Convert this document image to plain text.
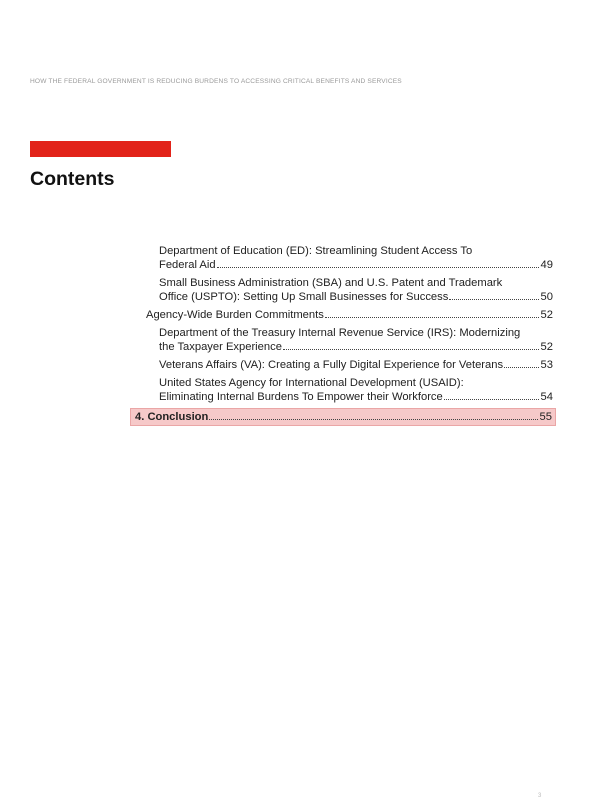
HOW THE FEDERAL GOVERNMENT IS REDUCING BURDENS TO ACCESSING CRITICAL BENEFITS AND SERVICES
Contents
Department of Education (ED): Streamlining Student Access To
Federal Aid	49
Small Business Administration (SBA) and U.S. Patent and Trademark
Office (USPTO): Setting Up Small Businesses for Success	50
Agency-Wide Burden Commitments	52
Department of the Treasury Internal Revenue Service (IRS): Modernizing
the Taxpayer Experience	52
Veterans Affairs (VA): Creating a Fully Digital Experience for Veterans	53
United States Agency for International Development (USAID):
Eliminating Internal Burdens To Empower their Workforce	54
4. Conclusion	55
3
